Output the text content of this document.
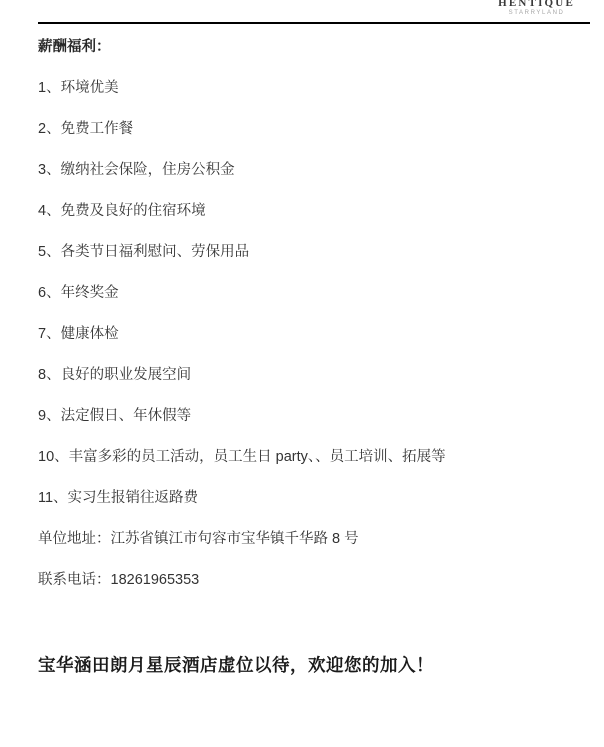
HENTIQUE
STARRYLAND

薪酬福利：

1、环境优美

2、免费工作餐

3、缴纳社会保险，住房公积金

4、免费及良好的住宿环境

5、各类节日福利慰问、劳保用品

6、年终奖金

7、健康体检

8、良好的职业发展空间

9、法定假日、年休假等

10、丰富多彩的员工活动，员工生日 party、、员工培训、拓展等

11、实习生报销往返路费

单位地址：江苏省镇江市句容市宝华镇千华路 8 号

联系电话：18261965353

宝华涵田朗月星辰酒店虚位以待，欢迎您的加入！
